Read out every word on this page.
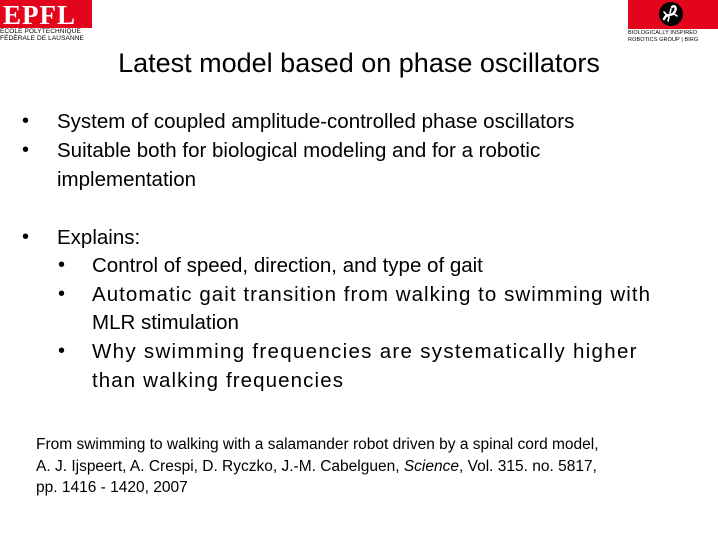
EPFL
ÉCOLE POLYTECHNIQUE
FÉDÉRALE DE LAUSANNE
BIOLOGICALLY INSPIRED
ROBOTICS GROUP | BIRG
Latest model based on phase oscillators
• System of coupled amplitude-controlled phase oscillators
• Suitable both for biological modeling and for a robotic
implementation
• Explains:
• Control of speed, direction, and type of gait
• Automatic gait transition from walking to swimming with
MLR stimulation
• Why swimming frequencies are systematically higher
than walking frequencies
From swimming to walking with a salamander robot driven by a spinal cord model,
A. J. Ijspeert, A. Crespi, D. Ryczko, J.-M. Cabelguen, Science, Vol. 315. no. 5817,
pp. 1416 - 1420, 2007
